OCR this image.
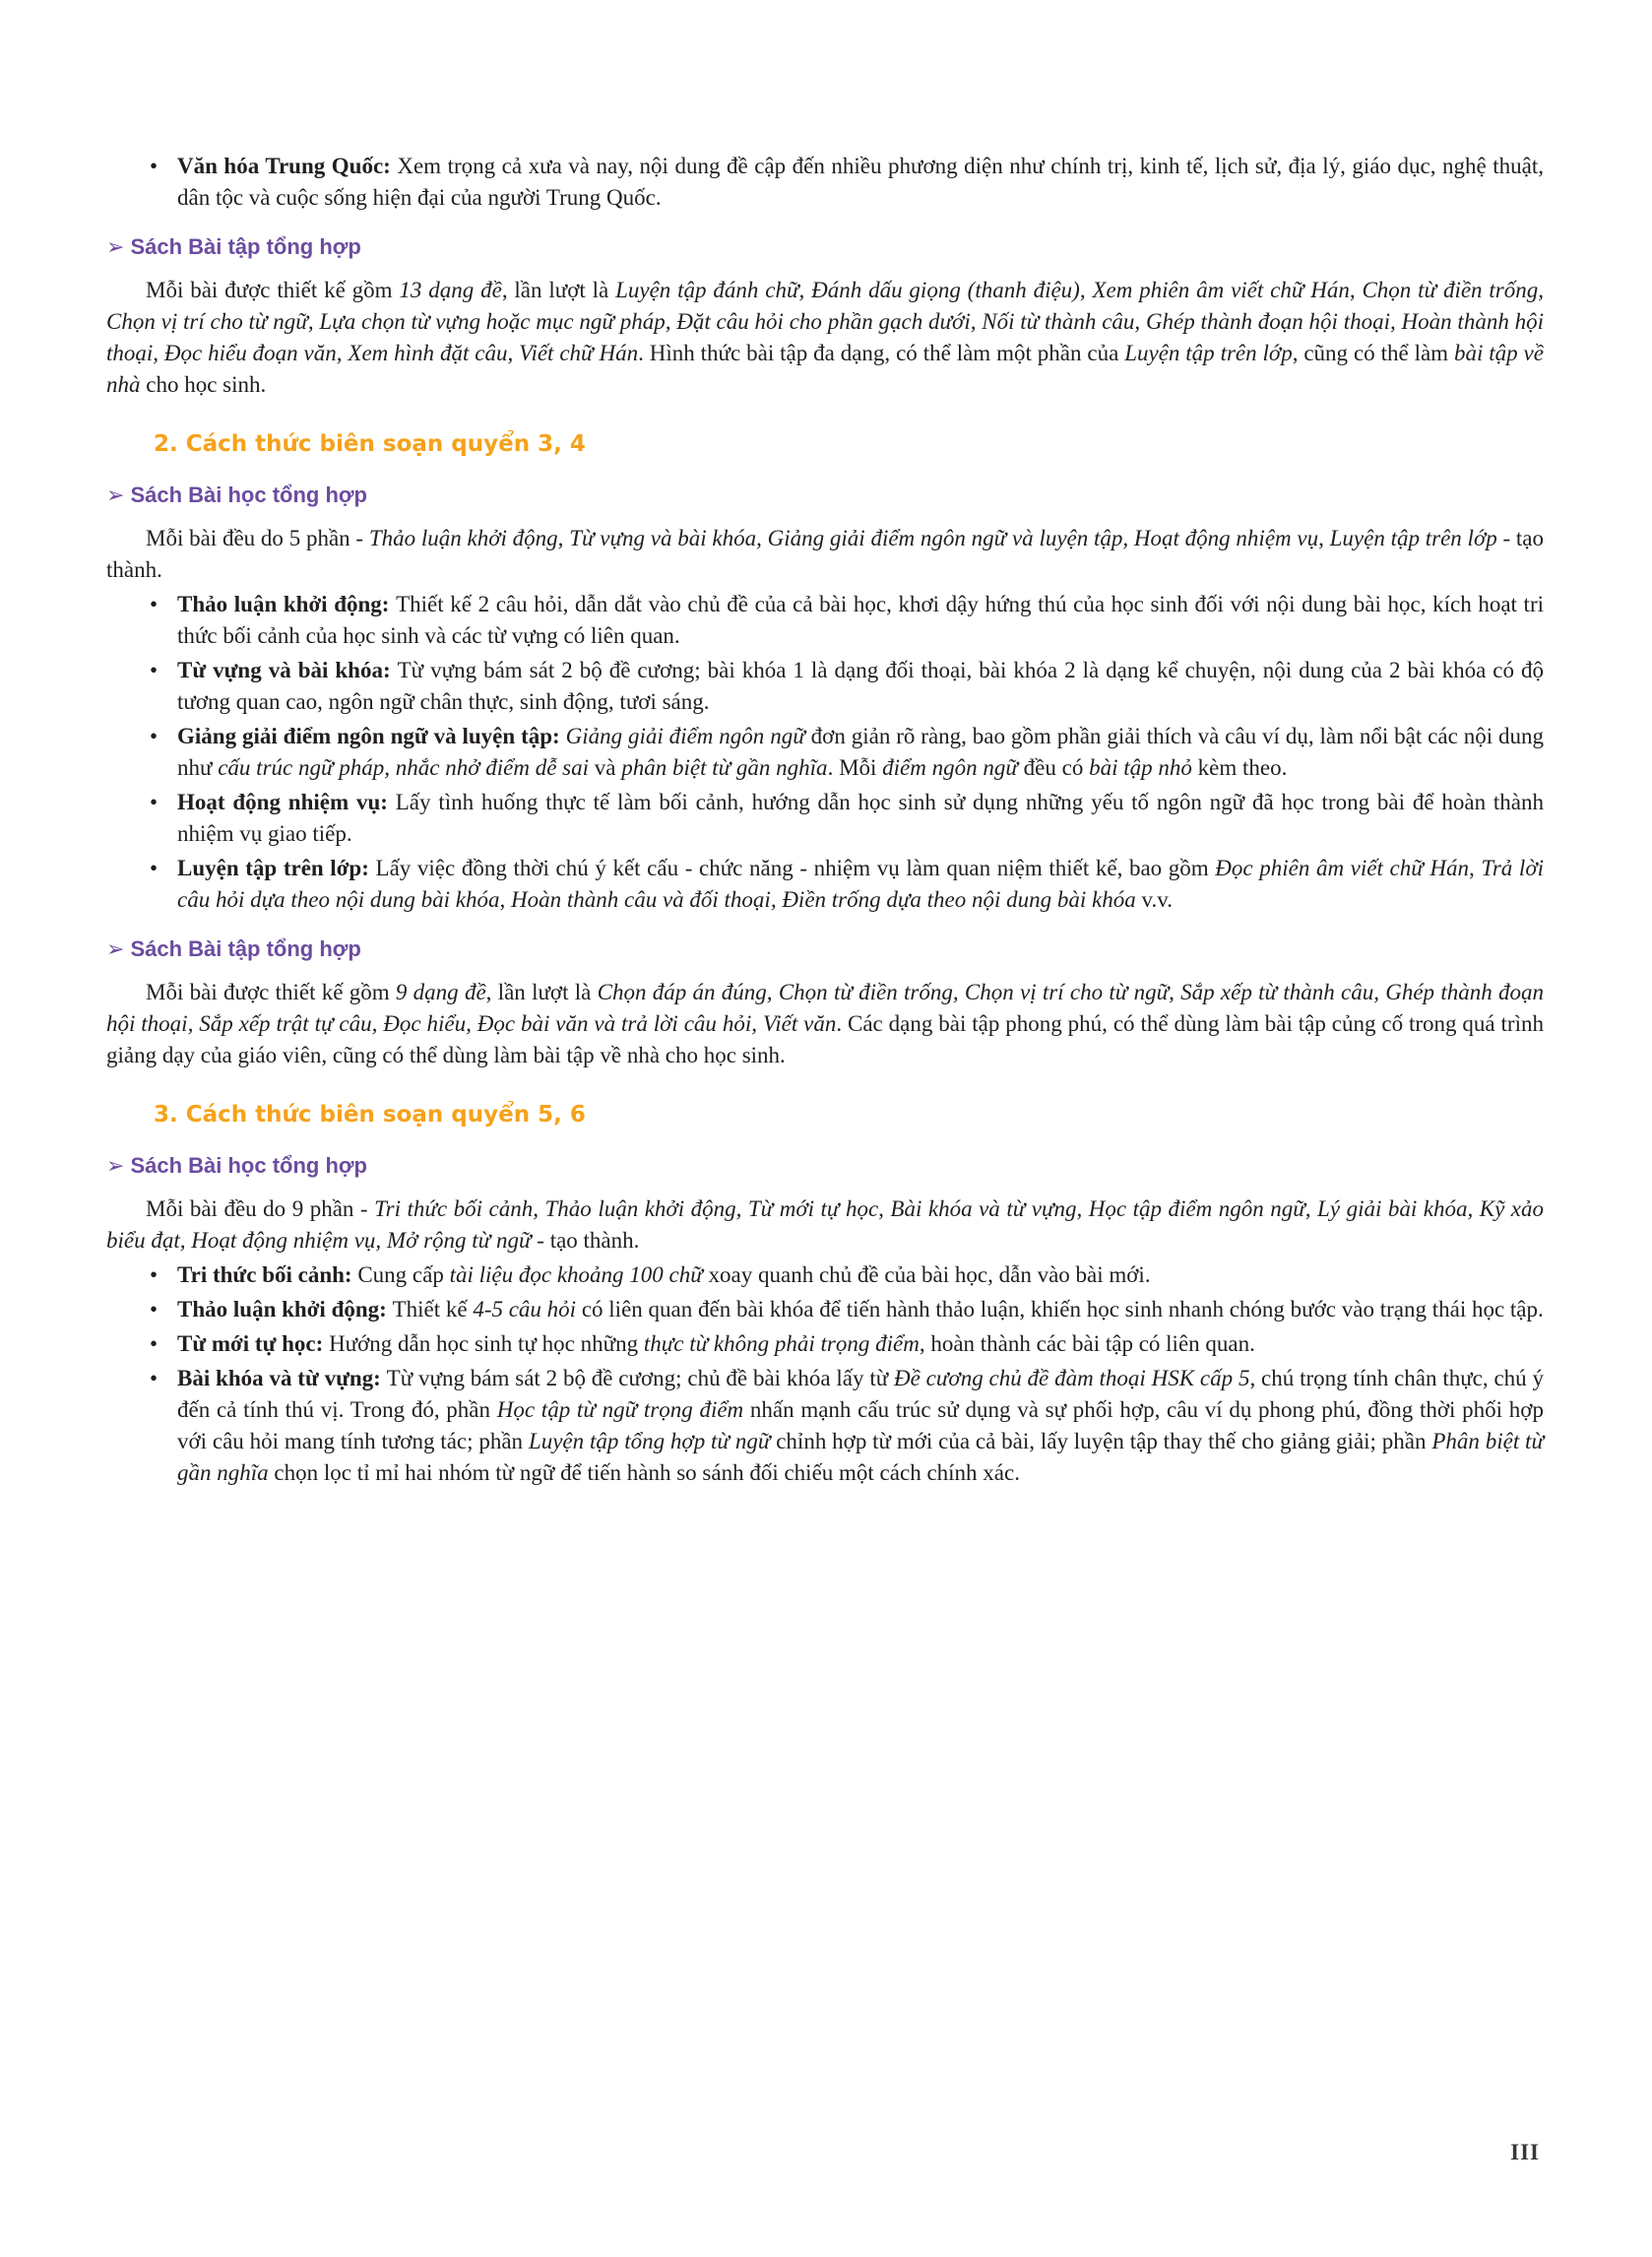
• Văn hóa Trung Quốc: Xem trọng cả xưa và nay, nội dung đề cập đến nhiều phương diện như chính trị, kinh tế, lịch sử, địa lý, giáo dục, nghệ thuật, dân tộc và cuộc sống hiện đại của người Trung Quốc.
➢ Sách Bài tập tổng hợp
Mỗi bài được thiết kế gồm 13 dạng đề, lần lượt là Luyện tập đánh chữ, Đánh dấu giọng (thanh điệu), Xem phiên âm viết chữ Hán, Chọn từ điền trống, Chọn vị trí cho từ ngữ, Lựa chọn từ vựng hoặc mục ngữ pháp, Đặt câu hỏi cho phần gạch dưới, Nối từ thành câu, Ghép thành đoạn hội thoại, Hoàn thành hội thoại, Đọc hiểu đoạn văn, Xem hình đặt câu, Viết chữ Hán. Hình thức bài tập đa dạng, có thể làm một phần của Luyện tập trên lớp, cũng có thể làm bài tập về nhà cho học sinh.
2. Cách thức biên soạn quyển 3, 4
➢ Sách Bài học tổng hợp
Mỗi bài đều do 5 phần - Thảo luận khởi động, Từ vựng và bài khóa, Giảng giải điểm ngôn ngữ và luyện tập, Hoạt động nhiệm vụ, Luyện tập trên lớp - tạo thành.
• Thảo luận khởi động: Thiết kế 2 câu hỏi, dẫn dắt vào chủ đề của cả bài học, khơi dậy hứng thú của học sinh đối với nội dung bài học, kích hoạt tri thức bối cảnh của học sinh và các từ vựng có liên quan.
• Từ vựng và bài khóa: Từ vựng bám sát 2 bộ đề cương; bài khóa 1 là dạng đối thoại, bài khóa 2 là dạng kể chuyện, nội dung của 2 bài khóa có độ tương quan cao, ngôn ngữ chân thực, sinh động, tươi sáng.
• Giảng giải điểm ngôn ngữ và luyện tập: Giảng giải điểm ngôn ngữ đơn giản rõ ràng, bao gồm phần giải thích và câu ví dụ, làm nổi bật các nội dung như cấu trúc ngữ pháp, nhắc nhở điểm dễ sai và phân biệt từ gần nghĩa. Mỗi điểm ngôn ngữ đều có bài tập nhỏ kèm theo.
• Hoạt động nhiệm vụ: Lấy tình huống thực tế làm bối cảnh, hướng dẫn học sinh sử dụng những yếu tố ngôn ngữ đã học trong bài để hoàn thành nhiệm vụ giao tiếp.
• Luyện tập trên lớp: Lấy việc đồng thời chú ý kết cấu - chức năng - nhiệm vụ làm quan niệm thiết kế, bao gồm Đọc phiên âm viết chữ Hán, Trả lời câu hỏi dựa theo nội dung bài khóa, Hoàn thành câu và đối thoại, Điền trống dựa theo nội dung bài khóa v.v.
➢ Sách Bài tập tổng hợp
Mỗi bài được thiết kế gồm 9 dạng đề, lần lượt là Chọn đáp án đúng, Chọn từ điền trống, Chọn vị trí cho từ ngữ, Sắp xếp từ thành câu, Ghép thành đoạn hội thoại, Sắp xếp trật tự câu, Đọc hiểu, Đọc bài văn và trả lời câu hỏi, Viết văn. Các dạng bài tập phong phú, có thể dùng làm bài tập củng cố trong quá trình giảng dạy của giáo viên, cũng có thể dùng làm bài tập về nhà cho học sinh.
3. Cách thức biên soạn quyển 5, 6
➢ Sách Bài học tổng hợp
Mỗi bài đều do 9 phần - Tri thức bối cảnh, Thảo luận khởi động, Từ mới tự học, Bài khóa và từ vựng, Học tập điểm ngôn ngữ, Lý giải bài khóa, Kỹ xảo biểu đạt, Hoạt động nhiệm vụ, Mở rộng từ ngữ - tạo thành.
• Tri thức bối cảnh: Cung cấp tài liệu đọc khoảng 100 chữ xoay quanh chủ đề của bài học, dẫn vào bài mới.
• Thảo luận khởi động: Thiết kế 4-5 câu hỏi có liên quan đến bài khóa để tiến hành thảo luận, khiến học sinh nhanh chóng bước vào trạng thái học tập.
• Từ mới tự học: Hướng dẫn học sinh tự học những thực từ không phải trọng điểm, hoàn thành các bài tập có liên quan.
• Bài khóa và từ vựng: Từ vựng bám sát 2 bộ đề cương; chủ đề bài khóa lấy từ Đề cương chủ đề đàm thoại HSK cấp 5, chú trọng tính chân thực, chú ý đến cả tính thú vị. Trong đó, phần Học tập từ ngữ trọng điểm nhấn mạnh cấu trúc sử dụng và sự phối hợp, câu ví dụ phong phú, đồng thời phối hợp với câu hỏi mang tính tương tác; phần Luyện tập tổng hợp từ ngữ chỉnh hợp từ mới của cả bài, lấy luyện tập thay thế cho giảng giải; phần Phân biệt từ gần nghĩa chọn lọc tỉ mỉ hai nhóm từ ngữ để tiến hành so sánh đối chiếu một cách chính xác.
III
